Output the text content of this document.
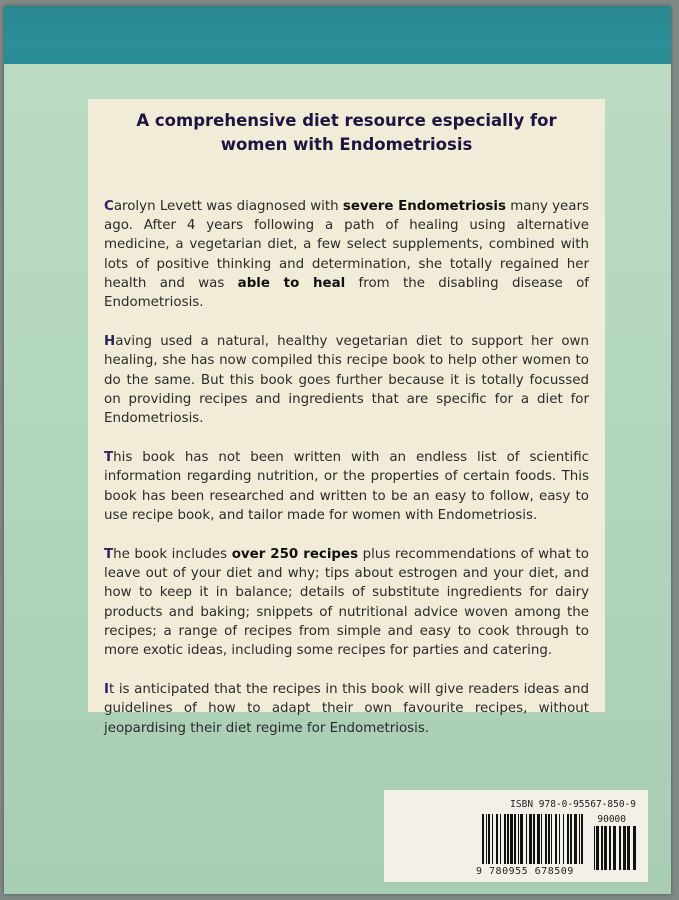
A comprehensive diet resource especially for
women with Endometriosis

Carolyn Levett was diagnosed with severe Endometriosis many years ago. After 4 years following a path of healing using alternative medicine, a vegetarian diet, a few select supplements, combined with lots of positive thinking and determination, she totally regained her health and was able to heal from the disabling disease of Endometriosis.

Having used a natural, healthy vegetarian diet to support her own healing, she has now compiled this recipe book to help other women to do the same. But this book goes further because it is totally focussed on providing recipes and ingredients that are specific for a diet for Endometriosis.

This book has not been written with an endless list of scientific information regarding nutrition, or the properties of certain foods. This book has been researched and written to be an easy to follow, easy to use recipe book, and tailor made for women with Endometriosis.

The book includes over 250 recipes plus recommendations of what to leave out of your diet and why; tips about estrogen and your diet, and how to keep it in balance; details of substitute ingredients for dairy products and baking; snippets of nutritional advice woven among the recipes; a range of recipes from simple and easy to cook through to more exotic ideas, including some recipes for parties and catering.

It is anticipated that the recipes in this book will give readers ideas and guidelines of how to adapt their own favourite recipes, without jeopardising their diet regime for Endometriosis.

ISBN 978-0-95567-850-9
90000
9 780955 678509
